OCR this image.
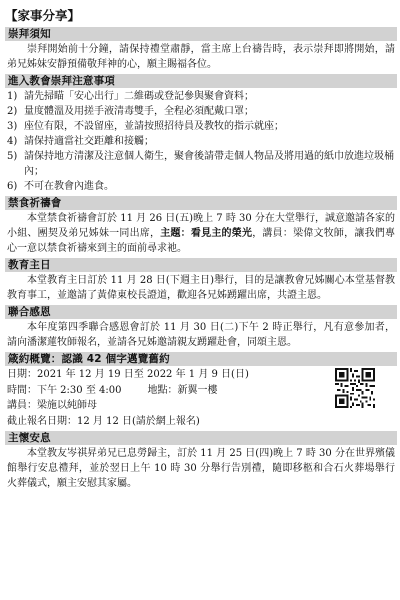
【家事分享】
崇拜須知
崇拜開始前十分鐘，請保持禮堂肅靜，當主席上台禱告時，表示崇拜即將開始，請弟兄姊妹安靜預備敬拜神的心，願主賜福各位。
進入教會崇拜注意事項
1) 請先掃瞄「安心出行」二維碼或登記參與聚會資料；
2) 量度體溫及用搓手液清毒雙手，全程必須配戴口罩；
3) 座位有限，不設留座，並請按照招待員及教牧的指示就座；
4) 請保持適當社交距離和接觸；
5) 請保持地方清潔及注意個人衛生，聚會後請帶走個人物品及將用過的紙巾放進垃圾桶內；
6) 不可在教會內進食。
禁食祈禱會
本堂禁食祈禱會訂於 11 月 26 日(五)晚上 7 時 30 分在大堂舉行，誠意邀請各家的小組、團契及弟兄姊妹一同出席，主題：看見主的榮光，講員：梁偉文牧師，讓我們專心一意以禁食祈禱來到主的面前尋求祂。
教育主日
本堂教育主日訂於 11 月 28 日(下週主日)舉行，目的是讓教會兄姊關心本堂基督教教育事工，並邀請了黃偉東校長證道，歡迎各兄姊踴躍出席，共證主恩。
聯合感恩
本年度第四季聯合感恩會訂於 11 月 30 日(二)下午 2 時正舉行，凡有意參加者，請向潘潔蓮牧師報名，並請各兄姊邀請親友踴躍赴會，同頌主恩。
箴約概覽：認識 42 個字邁覽舊約
日期：2021 年 12 月 19 日至 2022 年 1 月 9 日(日)
時間：下午 2:30 至 4:00	地點：新翼一樓
講員：梁施以純師母
截止報名日期：12 月 12 日(請於網上報名)
主懷安息
本堂教友岑祺昇弟兄已息勞歸主，訂於 11 月 25 日(四)晚上 7 時 30 分在世界殯儀館舉行安息禮拜，並於翌日上午 10 時 30 分舉行告別禮，隨即移柩和合石火葬場舉行火葬儀式，願主安慰其家屬。
